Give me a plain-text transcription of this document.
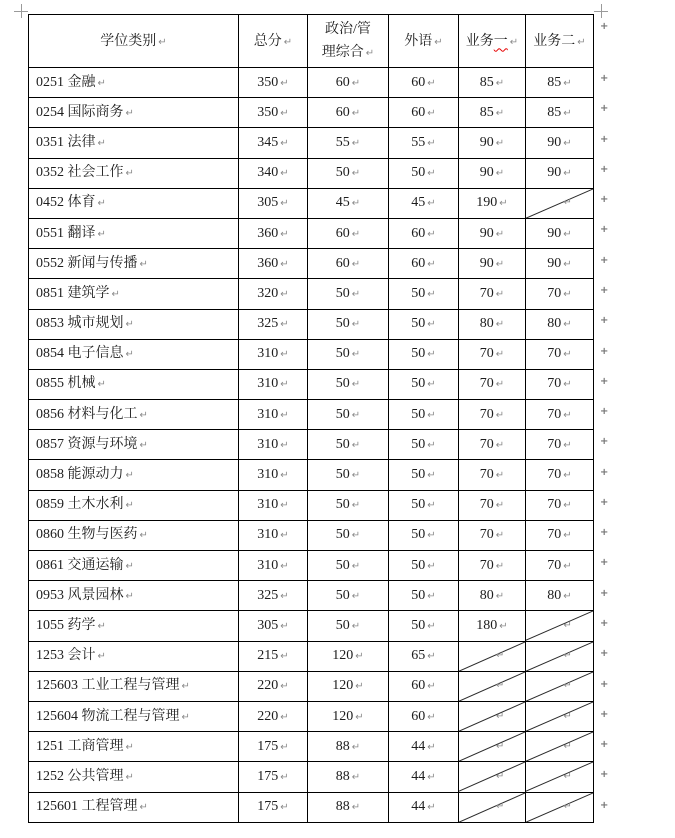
学位类别 ↵	总分 ↵	政治/管
理综合 ↵	外语 ↵	业务一 ↵	业务二 ↵

0251 金融 ↵	350 ↵	60 ↵	60 ↵	85 ↵	85 ↵
0254 国际商务 ↵	350 ↵	60 ↵	60 ↵	85 ↵	85 ↵
0351 法律 ↵	345 ↵	55 ↵	55 ↵	90 ↵	90 ↵
0352 社会工作 ↵	340 ↵	50 ↵	50 ↵	90 ↵	90 ↵
0452 体育 ↵	305 ↵	45 ↵	45 ↵	190 ↵	↵

0551 翻译 ↵	360 ↵	60 ↵	60 ↵	90 ↵	90 ↵
0552 新闻与传播 ↵	360 ↵	60 ↵	60 ↵	90 ↵	90 ↵
0851 建筑学 ↵	320 ↵	50 ↵	50 ↵	70 ↵	70 ↵
0853 城市规划 ↵	325 ↵	50 ↵	50 ↵	80 ↵	80 ↵
0854 电子信息 ↵	310 ↵	50 ↵	50 ↵	70 ↵	70 ↵
0855 机械 ↵	310 ↵	50 ↵	50 ↵	70 ↵	70 ↵
0856 材料与化工 ↵	310 ↵	50 ↵	50 ↵	70 ↵	70 ↵
0857 资源与环境 ↵	310 ↵	50 ↵	50 ↵	70 ↵	70 ↵
0858 能源动力 ↵	310 ↵	50 ↵	50 ↵	70 ↵	70 ↵
0859 土木水利 ↵	310 ↵	50 ↵	50 ↵	70 ↵	70 ↵
0860 生物与医药 ↵	310 ↵	50 ↵	50 ↵	70 ↵	70 ↵
0861 交通运输 ↵	310 ↵	50 ↵	50 ↵	70 ↵	70 ↵
0953 风景园林 ↵	325 ↵	50 ↵	50 ↵	80 ↵	80 ↵
1055 药学 ↵	305 ↵	50 ↵	50 ↵	180 ↵	↵

1253 会计 ↵	215 ↵	120 ↵	65 ↵	↵	↵

125603 工业工程与管理 ↵	220 ↵	120 ↵	60 ↵	↵	↵

125604 物流工程与管理 ↵	220 ↵	120 ↵	60 ↵	↵	↵

1251 工商管理 ↵	175 ↵	88 ↵	44 ↵	↵	↵

1252 公共管理 ↵	175 ↵	88 ↵	44 ↵	↵	↵

125601 工程管理 ↵	175 ↵	88 ↵	44 ↵	↵	↵
+
+
+
+
+
+
+
+
+
+
+
+
+
+
+
+
+
+
+
+
+
+
+
+
+
+
